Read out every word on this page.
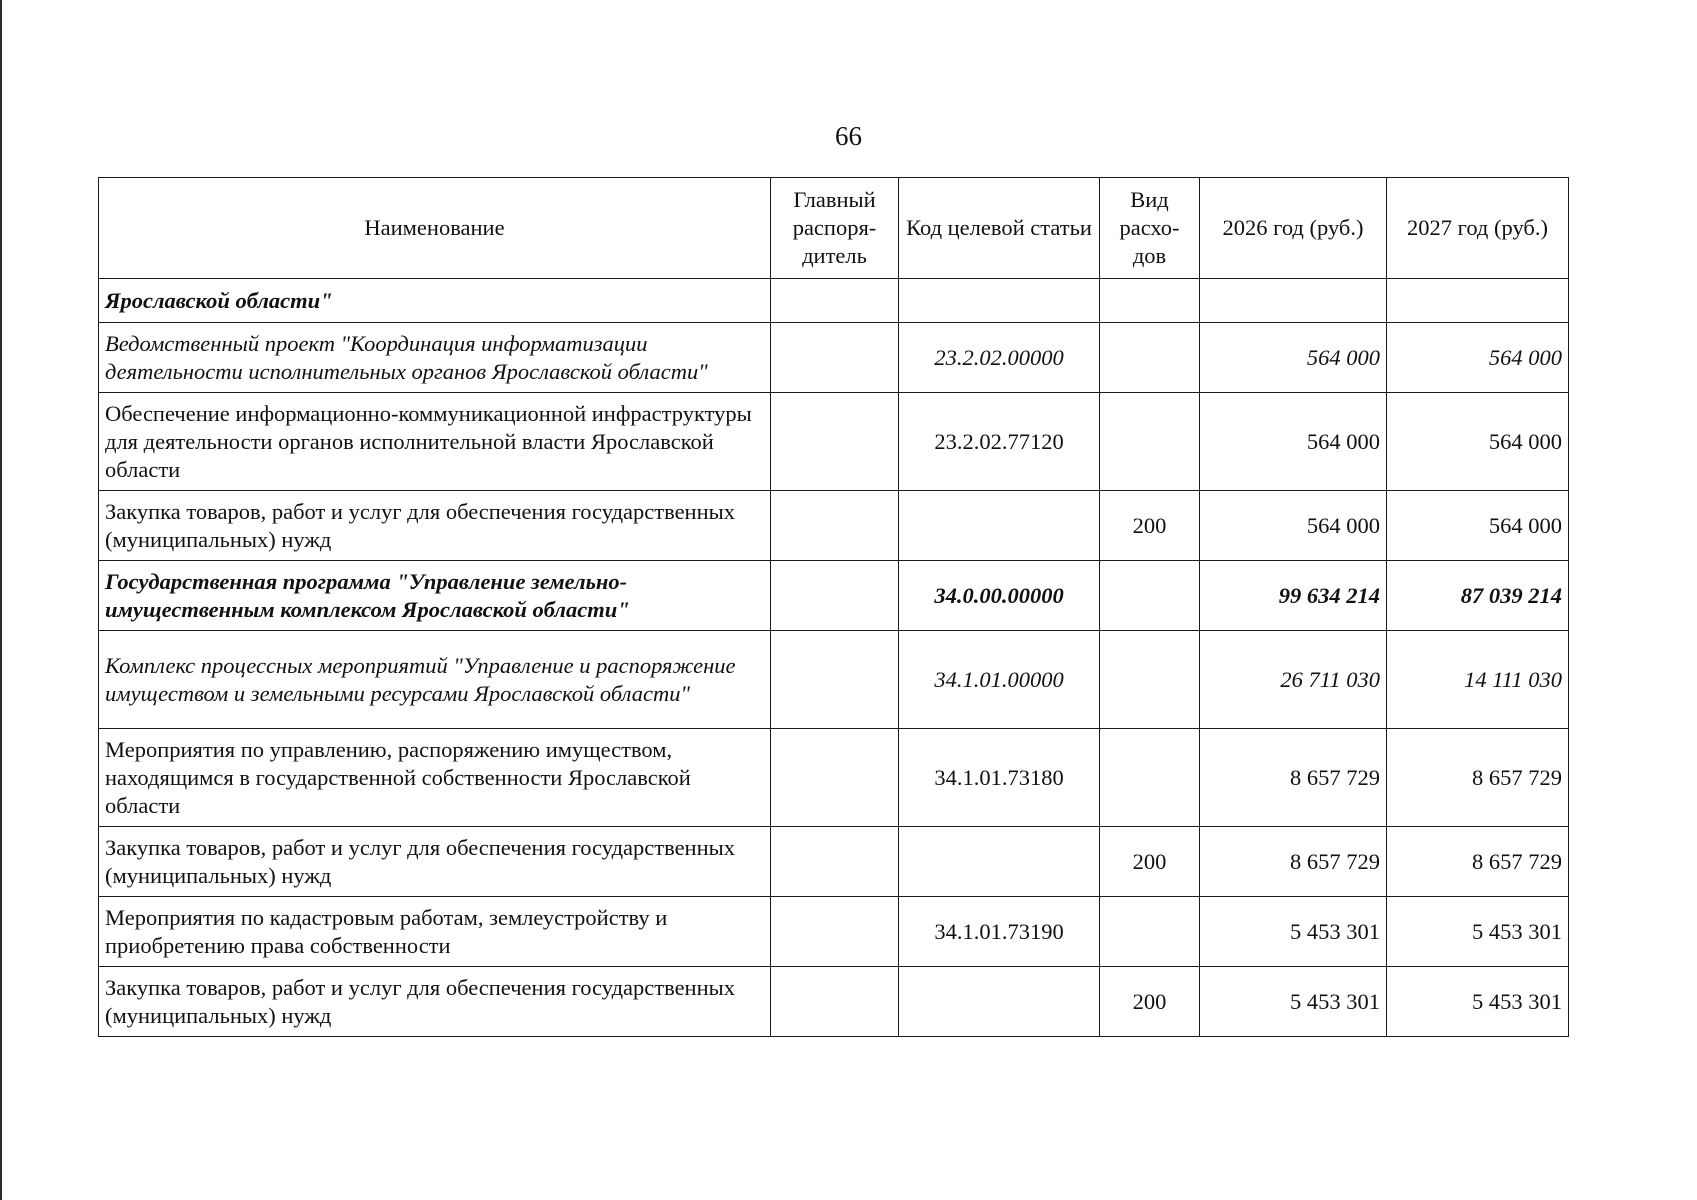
66
Наименование	Главный распоря-дитель	Код целевой статьи	Вид расхо-дов	2026 год (руб.)	2027 год (руб.)
Ярославской области"					
Ведомственный проект "Координация информатизации деятельности исполнительных органов Ярославской области"		23.2.02.00000		564 000	564 000
Обеспечение информационно-коммуникационной инфраструктуры для деятельности органов исполнительной власти Ярославской области		23.2.02.77120		564 000	564 000
Закупка товаров, работ и услуг для обеспечения государственных (муниципальных) нужд			200	564 000	564 000
Государственная программа "Управление земельно-имущественным комплексом Ярославской области"		34.0.00.00000		99 634 214	87 039 214
Комплекс процессных мероприятий "Управление и распоряжение имуществом и земельными ресурсами Ярославской области"		34.1.01.00000		26 711 030	14 111 030
Мероприятия по управлению, распоряжению имуществом, находящимся в государственной собственности Ярославской области		34.1.01.73180		8 657 729	8 657 729
Закупка товаров, работ и услуг для обеспечения государственных (муниципальных) нужд			200	8 657 729	8 657 729
Мероприятия по кадастровым работам, землеустройству и приобретению права собственности		34.1.01.73190		5 453 301	5 453 301
Закупка товаров, работ и услуг для обеспечения государственных (муниципальных) нужд			200	5 453 301	5 453 301
